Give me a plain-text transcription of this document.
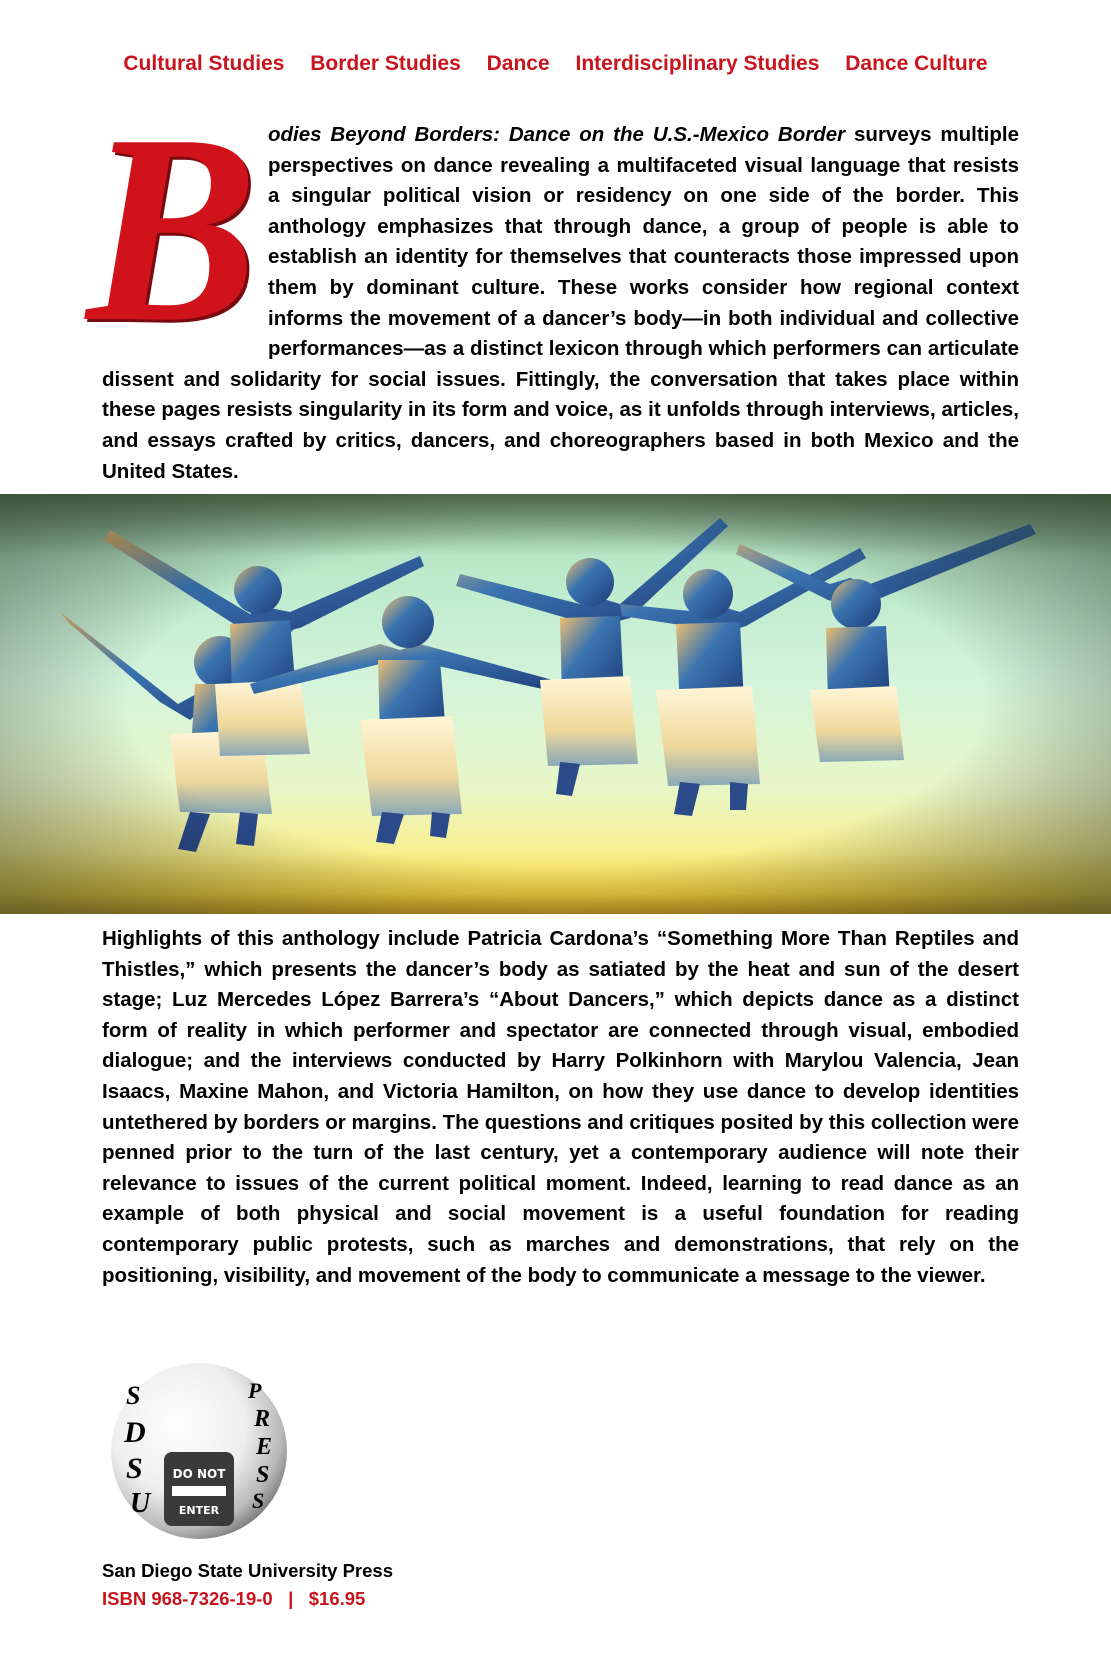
Cultural Studies Border Studies Dance Interdisciplinary Studies Dance Culture
B odies Beyond Borders: Dance on the U.S.-Mexico Border surveys multiple perspectives on dance revealing a multifaceted visual language that resists a singular political vision or residency on one side of the border. This anthology emphasizes that through dance, a group of people is able to establish an identity for themselves that counteracts those impressed upon them by dominant culture. These works consider how regional context informs the movement of a dancer’s body—in both individual and collective performances—as a distinct lexicon through which performers can articulate dissent and solidarity for social issues. Fittingly, the conversation that takes place within these pages resists singularity in its form and voice, as it unfolds through interviews, articles, and essays crafted by critics, dancers, and choreographers based in both Mexico and the United States.
Highlights of this anthology include Patricia Cardona’s “Something More Than Reptiles and Thistles,” which presents the dancer’s body as satiated by the heat and sun of the desert stage; Luz Mercedes López Barrera’s “About Dancers,” which depicts dance as a distinct form of reality in which performer and spectator are connected through visual, embodied dialogue; and the interviews conducted by Harry Polkinhorn with Marylou Valencia, Jean Isaacs, Maxine Mahon, and Victoria Hamilton, on how they use dance to develop identities untethered by borders or margins. The questions and critiques posited by this collection were penned prior to the turn of the last century, yet a contemporary audience will note their relevance to issues of the current political moment. Indeed, learning to read dance as an example of both physical and social movement is a useful foundation for reading contemporary public protests, such as marches and demonstrations, that rely on the positioning, visibility, and movement of the body to communicate a message to the viewer.
S
D
S
U
P
R
E
S
S
DO NOT
ENTER
San Diego State University Press
ISBN 968-7326-19-0 | $16.95
